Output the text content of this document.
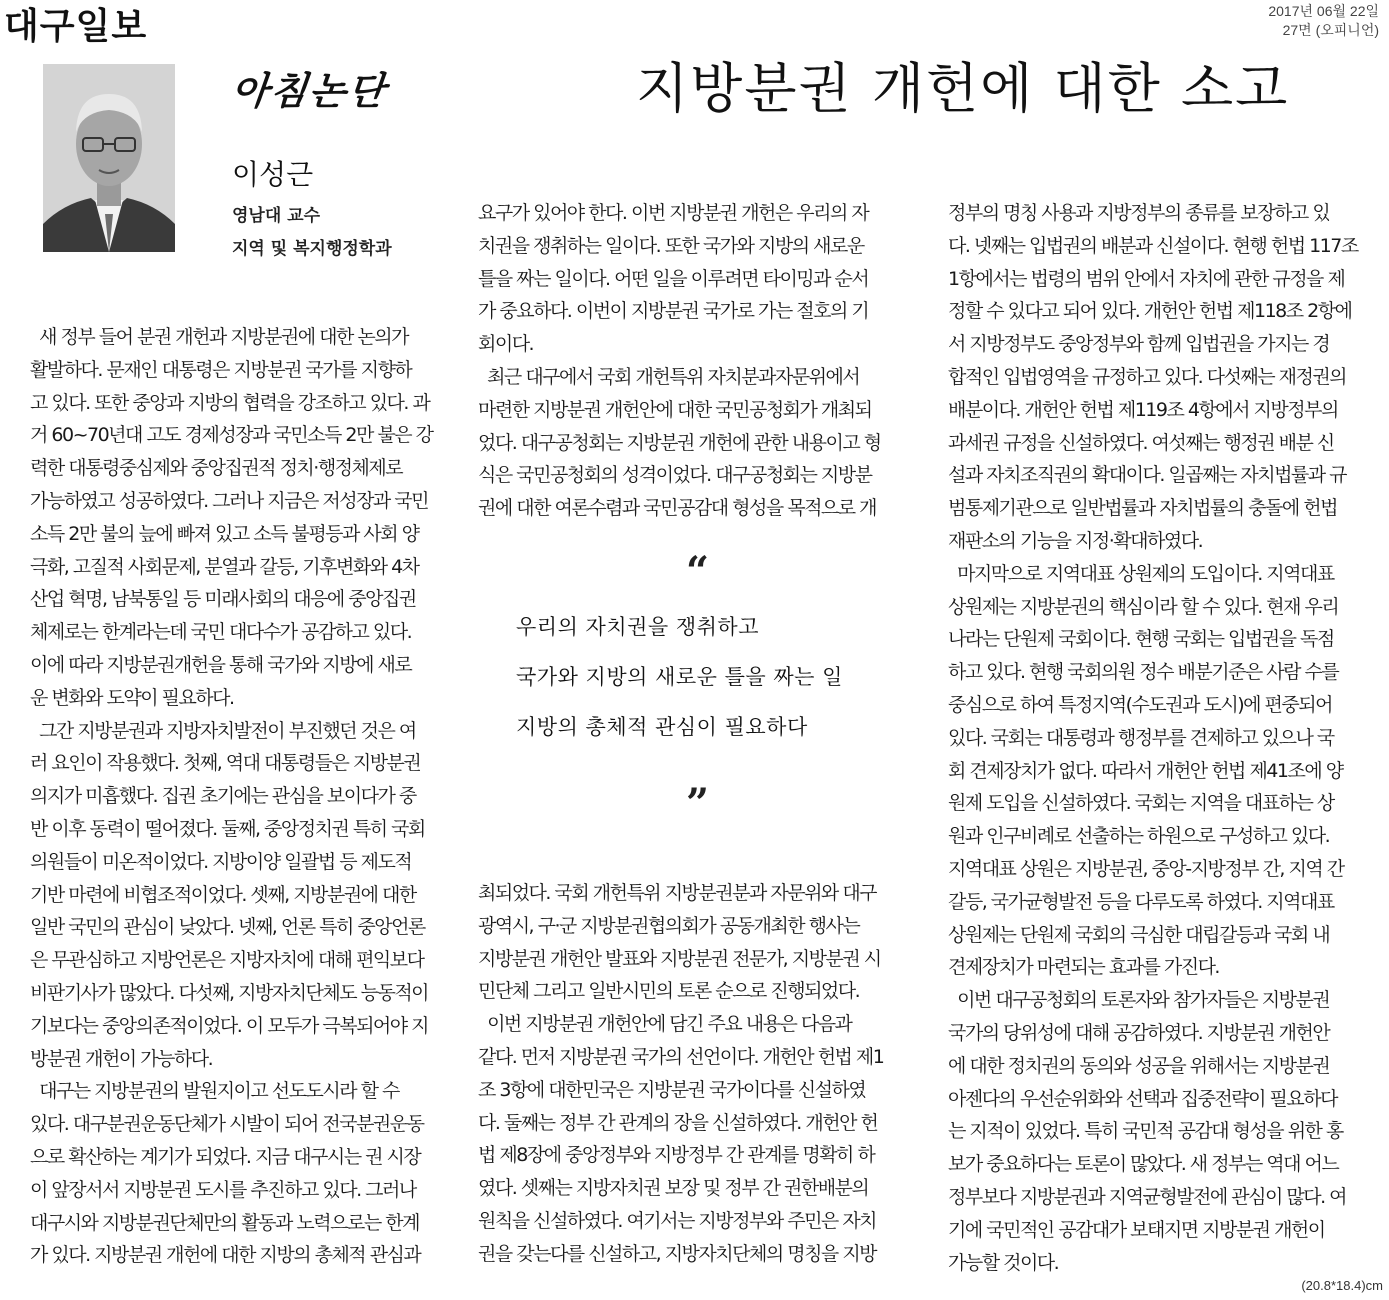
대구일보	2017년 06월 22일
27면 (오피니언)
아침논단	지방분권 개헌에 대한 소고
이성근
영남대 교수
지역 및 복지행정학과

새 정부 들어 분권 개헌과 지방분권에 대한 논의가
활발하다. 문재인 대통령은 지방분권 국가를 지향하
고 있다. 또한 중앙과 지방의 협력을 강조하고 있다. 과
거 60~70년대 고도 경제성장과 국민소득 2만 불은 강
력한 대통령중심제와 중앙집권적 정치·행정체제로
가능하였고 성공하였다. 그러나 지금은 저성장과 국민
소득 2만 불의 늪에 빠져 있고 소득 불평등과 사회 양
극화, 고질적 사회문제, 분열과 갈등, 기후변화와 4차
산업 혁명, 남북통일 등 미래사회의 대응에 중앙집권
체제로는 한계라는데 국민 대다수가 공감하고 있다.
이에 따라 지방분권개헌을 통해 국가와 지방에 새로
운 변화와 도약이 필요하다.
그간 지방분권과 지방자치발전이 부진했던 것은 여
러 요인이 작용했다. 첫째, 역대 대통령들은 지방분권
의지가 미흡했다. 집권 초기에는 관심을 보이다가 중
반 이후 동력이 떨어졌다. 둘째, 중앙정치권 특히 국회
의원들이 미온적이었다. 지방이양 일괄법 등 제도적
기반 마련에 비협조적이었다. 셋째, 지방분권에 대한
일반 국민의 관심이 낮았다. 넷째, 언론 특히 중앙언론
은 무관심하고 지방언론은 지방자치에 대해 편익보다
비판기사가 많았다. 다섯째, 지방자치단체도 능동적이
기보다는 중앙의존적이었다. 이 모두가 극복되어야 지
방분권 개헌이 가능하다.
대구는 지방분권의 발원지이고 선도도시라 할 수
있다. 대구분권운동단체가 시발이 되어 전국분권운동
으로 확산하는 계기가 되었다. 지금 대구시는 권 시장
이 앞장서서 지방분권 도시를 추진하고 있다. 그러나
대구시와 지방분권단체만의 활동과 노력으로는 한계
가 있다. 지방분권 개헌에 대한 지방의 총체적 관심과

요구가 있어야 한다. 이번 지방분권 개헌은 우리의 자
치권을 쟁취하는 일이다. 또한 국가와 지방의 새로운
틀을 짜는 일이다. 어떤 일을 이루려면 타이밍과 순서
가 중요하다. 이번이 지방분권 국가로 가는 절호의 기
회이다.
최근 대구에서 국회 개헌특위 자치분과자문위에서
마련한 지방분권 개헌안에 대한 국민공청회가 개최되
었다. 대구공청회는 지방분권 개헌에 관한 내용이고 형
식은 국민공청회의 성격이었다. 대구공청회는 지방분
권에 대한 여론수렴과 국민공감대 형성을 목적으로 개

“

우리의 자치권을 쟁취하고

국가와 지방의 새로운 틀을 짜는 일

지방의 총체적 관심이 필요하다

”

최되었다. 국회 개헌특위 지방분권분과 자문위와 대구
광역시, 구·군 지방분권협의회가 공동개최한 행사는
지방분권 개헌안 발표와 지방분권 전문가, 지방분권 시
민단체 그리고 일반시민의 토론 순으로 진행되었다.
이번 지방분권 개헌안에 담긴 주요 내용은 다음과
같다. 먼저 지방분권 국가의 선언이다. 개헌안 헌법 제1
조 3항에 대한민국은 지방분권 국가이다를 신설하였
다. 둘째는 정부 간 관계의 장을 신설하였다. 개헌안 헌
법 제8장에 중앙정부와 지방정부 간 관계를 명확히 하
였다. 셋째는 지방자치권 보장 및 정부 간 권한배분의
원칙을 신설하였다. 여기서는 지방정부와 주민은 자치
권을 갖는다를 신설하고, 지방자치단체의 명칭을 지방

정부의 명칭 사용과 지방정부의 종류를 보장하고 있
다. 넷째는 입법권의 배분과 신설이다. 현행 헌법 117조
1항에서는 법령의 범위 안에서 자치에 관한 규정을 제
정할 수 있다고 되어 있다. 개헌안 헌법 제118조 2항에
서 지방정부도 중앙정부와 함께 입법권을 가지는 경
합적인 입법영역을 규정하고 있다. 다섯째는 재정권의
배분이다. 개헌안 헌법 제119조 4항에서 지방정부의
과세권 규정을 신설하였다. 여섯째는 행정권 배분 신
설과 자치조직권의 확대이다. 일곱째는 자치법률과 규
범통제기관으로 일반법률과 자치법률의 충돌에 헌법
재판소의 기능을 지정·확대하였다.
마지막으로 지역대표 상원제의 도입이다. 지역대표
상원제는 지방분권의 핵심이라 할 수 있다. 현재 우리
나라는 단원제 국회이다. 현행 국회는 입법권을 독점
하고 있다. 현행 국회의원 정수 배분기준은 사람 수를
중심으로 하여 특정지역(수도권과 도시)에 편중되어
있다. 국회는 대통령과 행정부를 견제하고 있으나 국
회 견제장치가 없다. 따라서 개헌안 헌법 제41조에 양
원제 도입을 신설하였다. 국회는 지역을 대표하는 상
원과 인구비례로 선출하는 하원으로 구성하고 있다.
지역대표 상원은 지방분권, 중앙-지방정부 간, 지역 간
갈등, 국가균형발전 등을 다루도록 하였다. 지역대표
상원제는 단원제 국회의 극심한 대립갈등과 국회 내
견제장치가 마련되는 효과를 가진다.
이번 대구공청회의 토론자와 참가자들은 지방분권
국가의 당위성에 대해 공감하였다. 지방분권 개헌안
에 대한 정치권의 동의와 성공을 위해서는 지방분권
아젠다의 우선순위화와 선택과 집중전략이 필요하다
는 지적이 있었다. 특히 국민적 공감대 형성을 위한 홍
보가 중요하다는 토론이 많았다. 새 정부는 역대 어느
정부보다 지방분권과 지역균형발전에 관심이 많다. 여
기에 국민적인 공감대가 보태지면 지방분권 개헌이
가능할 것이다.

(20.8*18.4)cm
